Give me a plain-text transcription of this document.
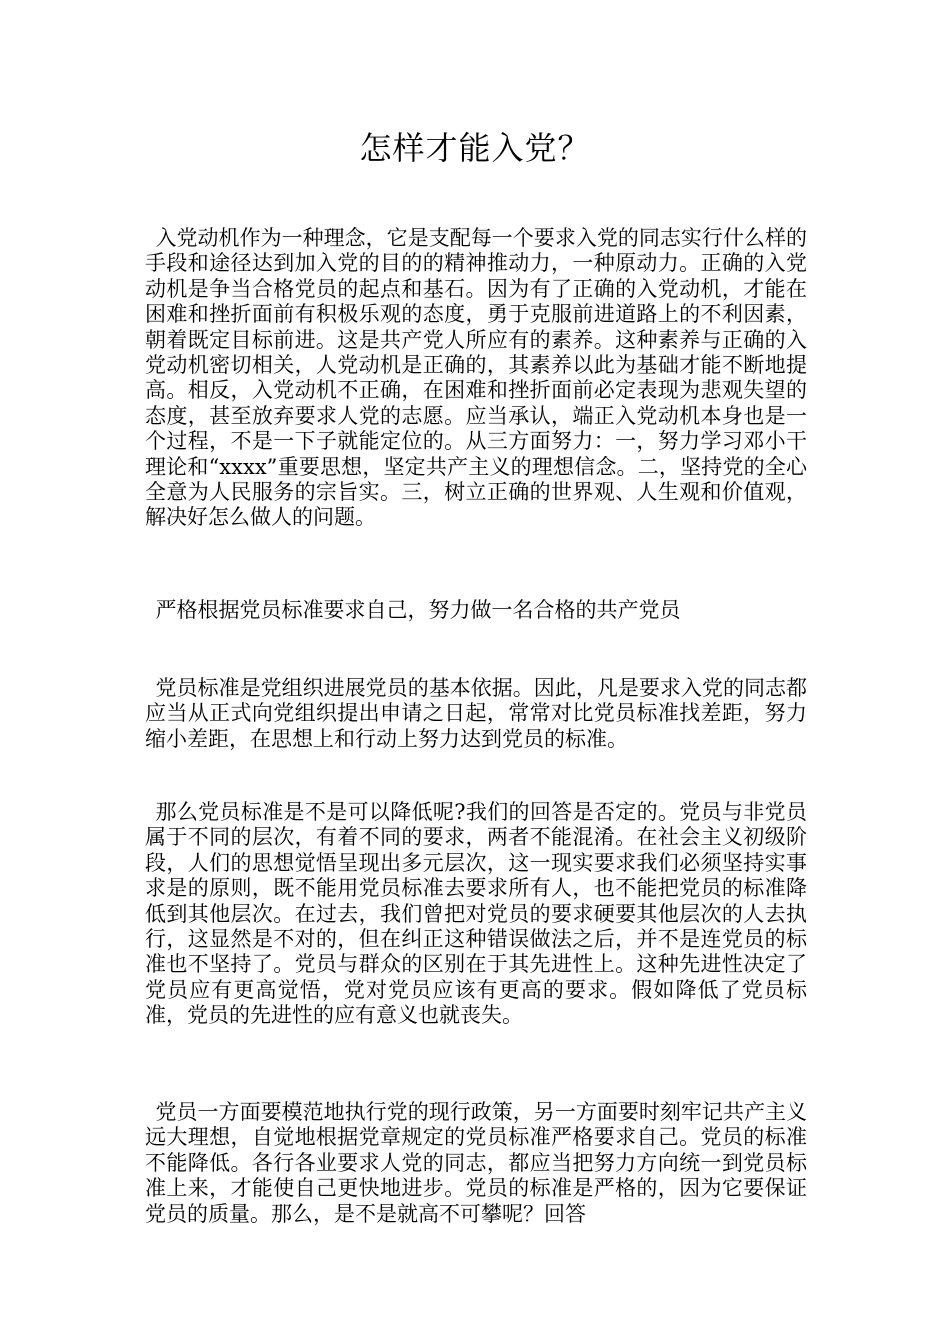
怎样才能入党？

入党动机作为一种理念，它是支配每一个要求入党的同志实行什么样的手段和途径达到加入党的目的的精神推动力，一种原动力。正确的入党动机是争当合格党员的起点和基石。因为有了正确的入党动机，才能在困难和挫折面前有积极乐观的态度，勇于克服前进道路上的不利因素，朝着既定目标前进。这是共产党人所应有的素养。这种素养与正确的入党动机密切相关，人党动机是正确的，其素养以此为基础才能不断地提高。相反，入党动机不正确，在困难和挫折面前必定表现为悲观失望的态度，甚至放弃要求人党的志愿。应当承认，端正入党动机本身也是一个过程，不是一下子就能定位的。从三方面努力：一，努力学习邓小干理论和“xxxx”重要思想，坚定共产主义的理想信念。二，坚持党的全心全意为人民服务的宗旨实。三，树立正确的世界观、人生观和价值观，解决好怎么做人的问题。

严格根据党员标准要求自己，努力做一名合格的共产党员

党员标准是党组织进展党员的基本依据。因此，凡是要求入党的同志都应当从正式向党组织提出申请之日起，常常对比党员标准找差距，努力缩小差距，在思想上和行动上努力达到党员的标准。

那么党员标准是不是可以降低呢?我们的回答是否定的。党员与非党员属于不同的层次，有着不同的要求，两者不能混淆。在社会主义初级阶段，人们的思想觉悟呈现出多元层次，这一现实要求我们必须坚持实事求是的原则，既不能用党员标准去要求所有人，也不能把党员的标准降低到其他层次。在过去，我们曾把对党员的要求硬要其他层次的人去执行，这显然是不对的，但在纠正这种错误做法之后，并不是连党员的标准也不坚持了。党员与群众的区别在于其先进性上。这种先进性决定了党员应有更高觉悟，党对党员应该有更高的要求。假如降低了党员标准，党员的先进性的应有意义也就丧失。

党员一方面要模范地执行党的现行政策，另一方面要时刻牢记共产主义远大理想，自觉地根据党章规定的党员标准严格要求自己。党员的标准不能降低。各行各业要求人党的同志，都应当把努力方向统一到党员标准上来，才能使自己更快地进步。党员的标准是严格的，因为它要保证党员的质量。那么，是不是就高不可攀呢？回答
